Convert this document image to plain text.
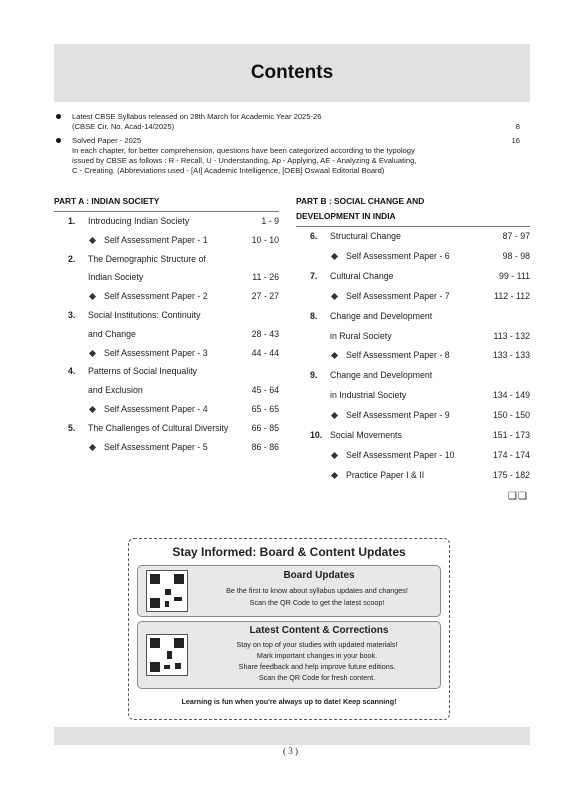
Contents
Latest CBSE Syllabus released on 28th March for Academic Year 2025-26
(CBSE Cir. No. Acad-14/2025)	8
Solved Paper - 2025	16
In each chapter, for better comprehension, questions have been categorized according to the typology
issued by CBSE as follows : R - Recall, U - Understanding, Ap - Applying, AE - Analyzing & Evaluating,
C - Creating. (Abbreviations used - [AI] Academic Intelligence, [OEB] Oswaal Editorial Board)
PART A : INDIAN SOCIETY
1. Introducing Indian Society	1 - 9
Self Assessment Paper - 1	10 - 10
2. The Demographic Structure of
Indian Society	11 - 26
Self Assessment Paper - 2	27 - 27
3. Social Institutions: Continuity
and Change	28 - 43
Self Assessment Paper - 3	44 - 44
4. Patterns of Social Inequality
and Exclusion	45 - 64
Self Assessment Paper - 4	65 - 65
5. The Challenges of Cultural Diversity	66 - 85
Self Assessment Paper - 5	86 - 86
PART B : SOCIAL CHANGE AND
DEVELOPMENT IN INDIA
6. Structural Change	87 - 97
Self Assessment Paper - 6	98 - 98
7. Cultural Change	99 - 111
Self Assessment Paper - 7	112 - 112
8. Change and Development
in Rural Society	113 - 132
Self Assessment Paper - 8	133 - 133
9. Change and Development
in Industrial Society	134 - 149
Self Assessment Paper - 9	150 - 150
10. Social Movements	151 - 173
Self Assessment Paper - 10	174 - 174
Practice Paper I & II	175 - 182
❑❑
Stay Informed: Board & Content Updates
Board Updates
Be the first to know about syllabus updates and changes!
Scan the QR Code to get the latest scoop!
Latest Content & Corrections
Stay on top of your studies with updated materials!
Mark important changes in your book.
Share feedback and help improve future editions.
Scan the QR Code for fresh content.
Learning is fun when you're always up to date! Keep scanning!
( 3 )
